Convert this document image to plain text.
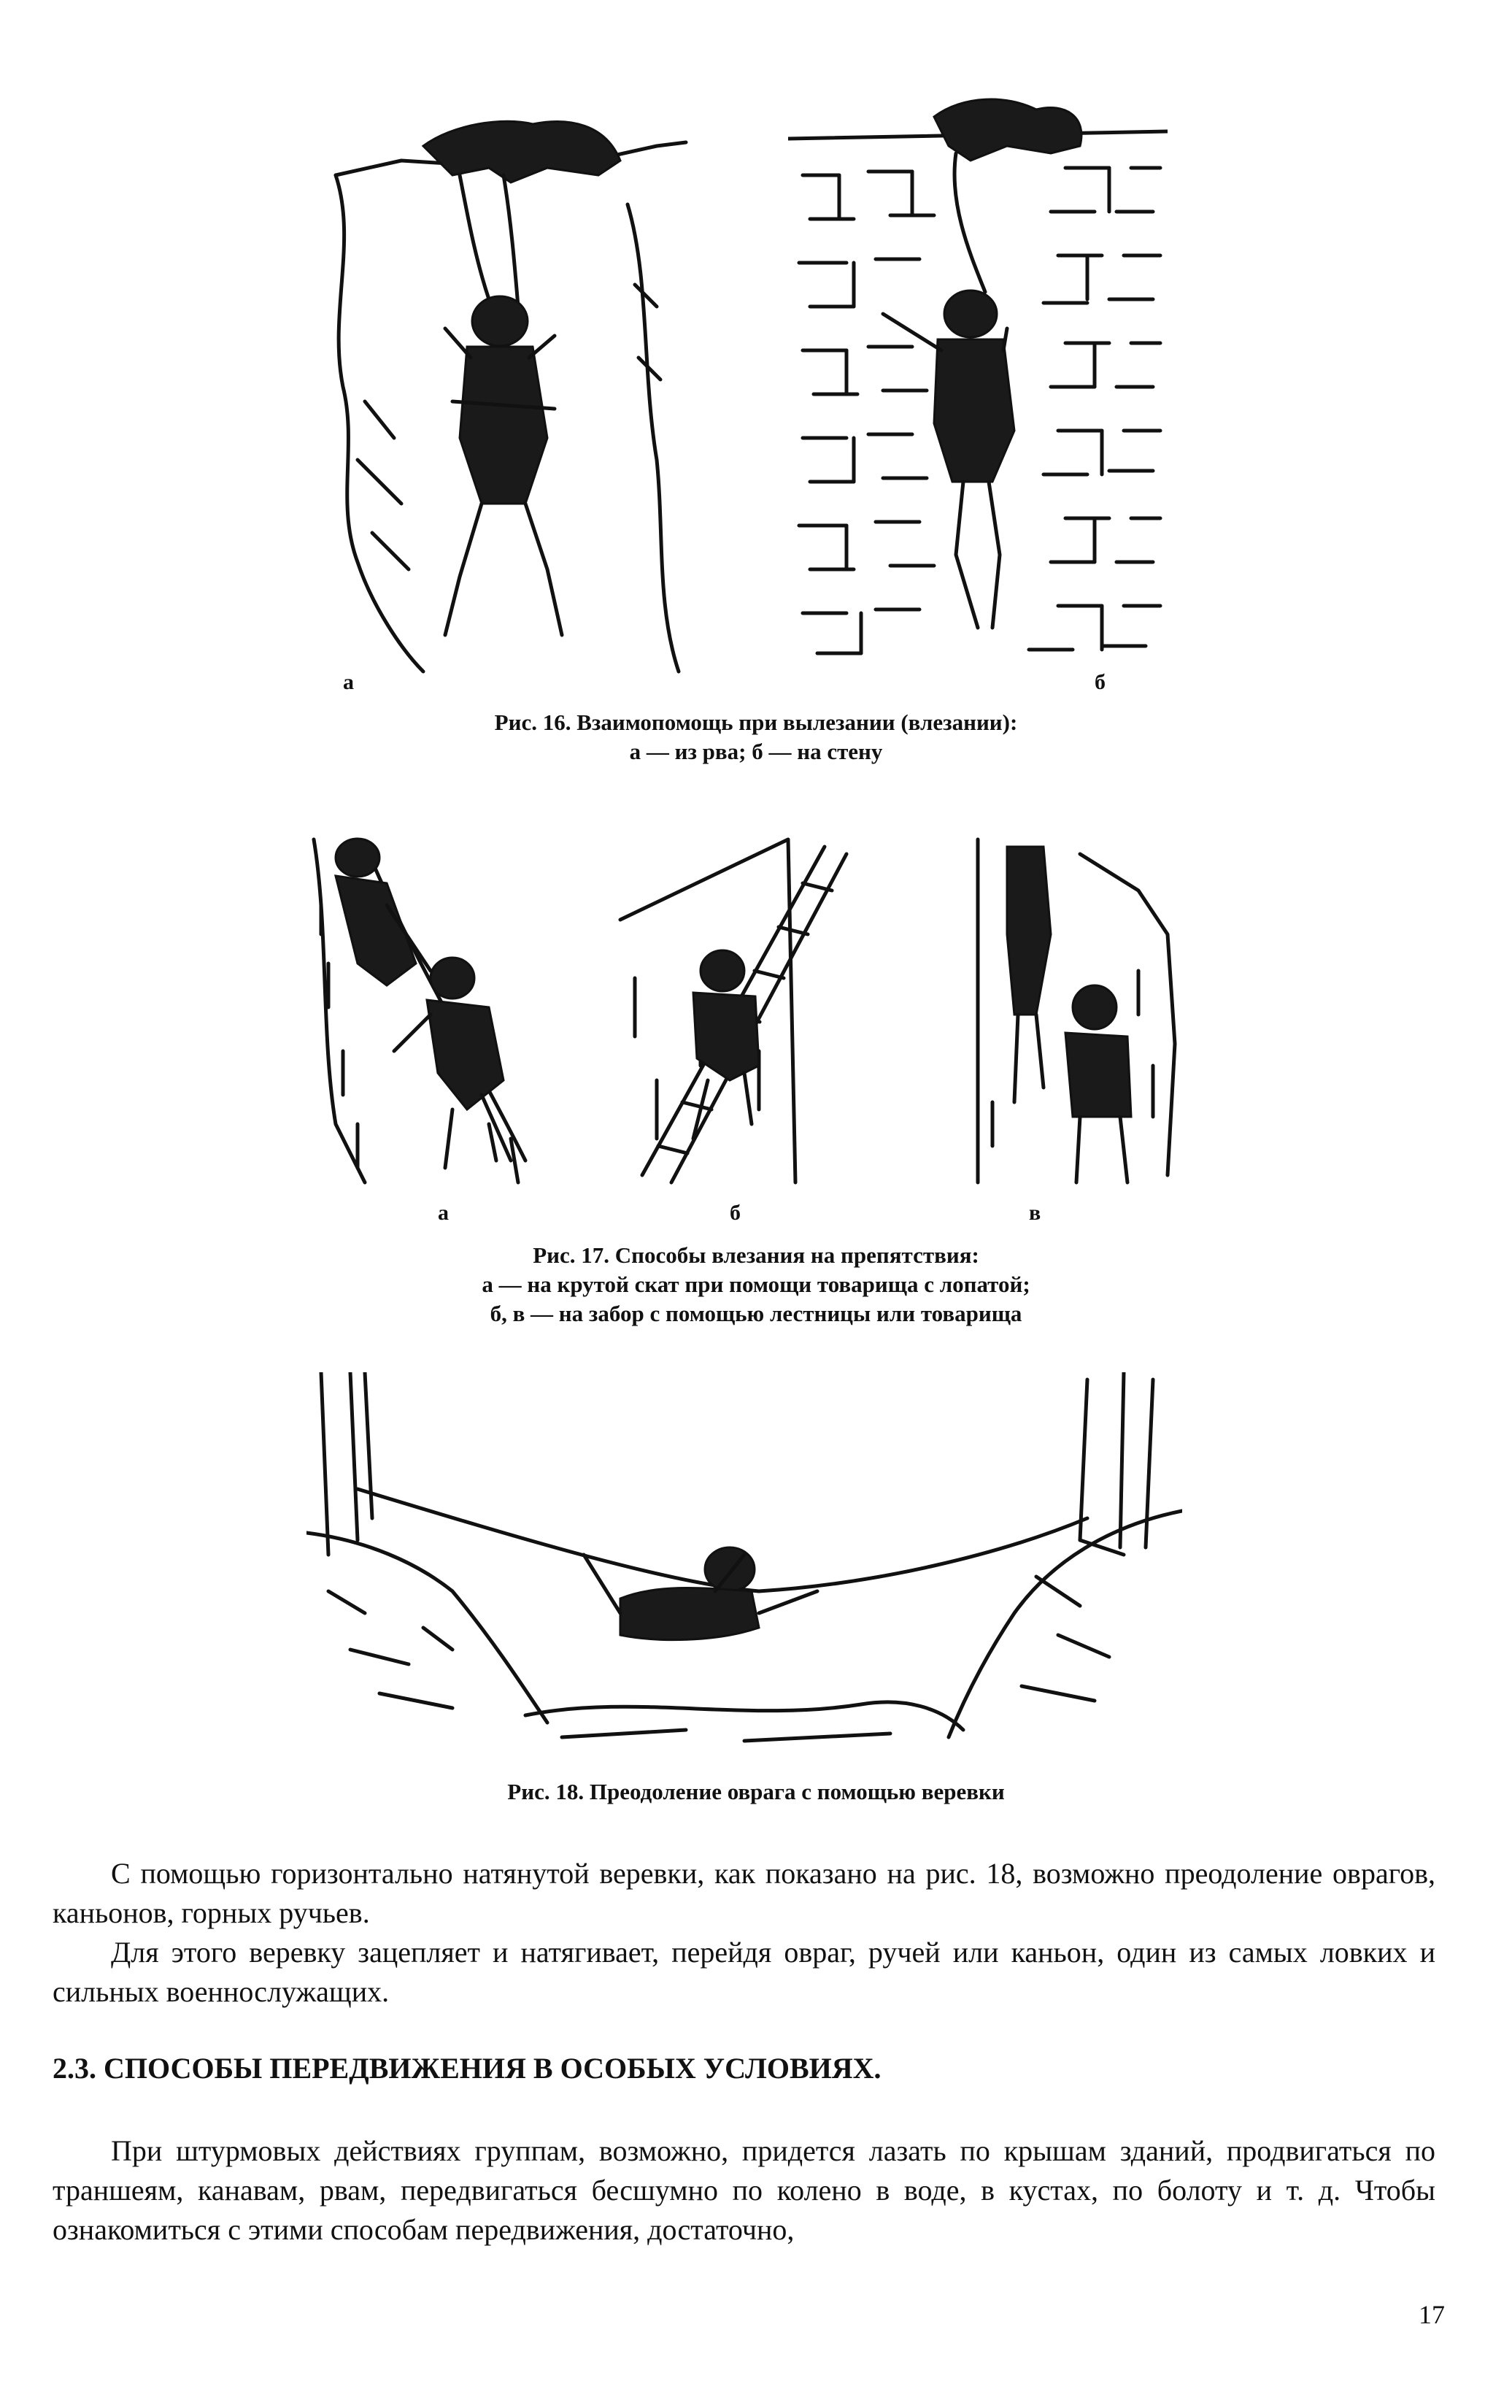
а	б
Рис. 16. Взаимопомощь при вылезании (влезании):
а — из рва; б — на стену
а	б	в
Рис. 17. Способы влезания на препятствия:
а — на крутой скат при помощи товарища с лопатой;
б, в — на забор с помощью лестницы или товарища
Рис. 18. Преодоление оврага с помощью веревки

С помощью горизонтально натянутой веревки, как показано на рис. 18, возможно преодоление оврагов, каньонов, горных ручьев.

Для этого веревку зацепляет и натягивает, перейдя овраг, ручей или каньон, один из самых ловких и сильных военнослужащих.

2.3. СПОСОБЫ ПЕРЕДВИЖЕНИЯ В ОСОБЫХ УСЛОВИЯХ.

При штурмовых действиях группам, возможно, придется лазать по крышам зданий, продвигаться по траншеям, канавам, рвам, передвигаться бесшумно по колено в воде, в кустах, по болоту и т. д. Чтобы ознакомиться с этими способам передвижения, достаточно,

17
